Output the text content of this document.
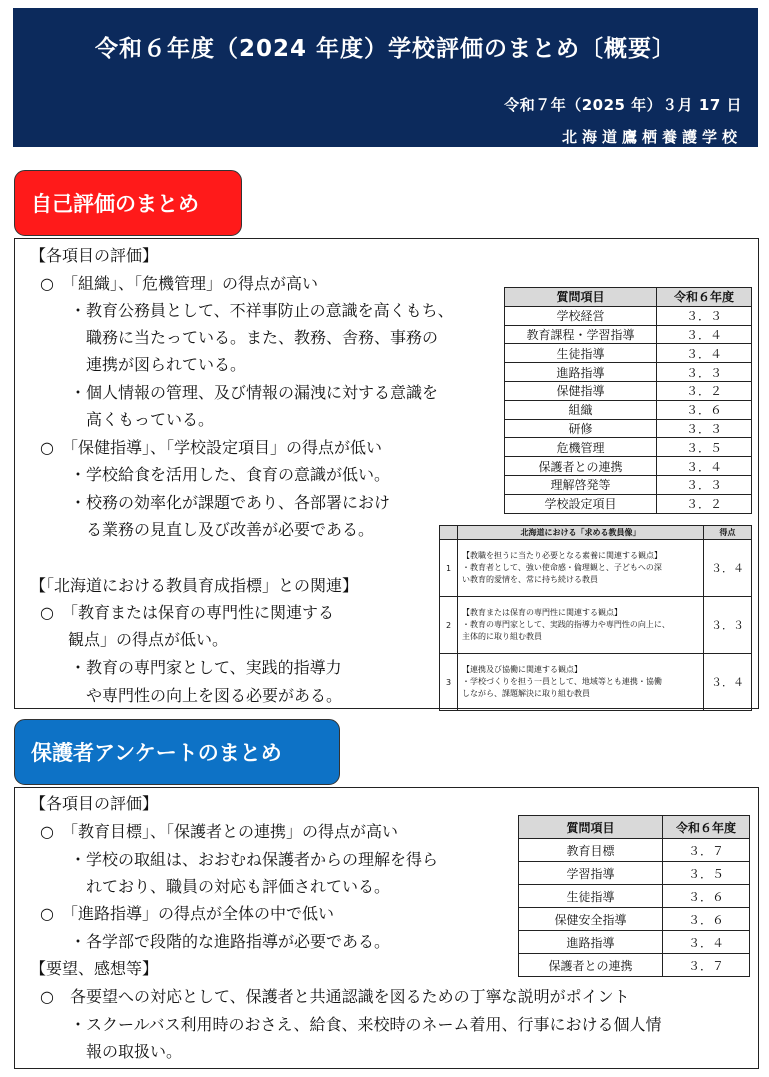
令和６年度（2024 年度）学校評価のまとめ〔概要〕
令和７年（2025 年）３月 17 日
北海道鷹栖養護学校
自己評価のまとめ
【各項目の評価】
○　「組織」、「危機管理」の得点が高い
・教育公務員として、不祥事防止の意識を高くもち、
職務に当たっている。また、教務、舎務、事務の
連携が図られている。
・個人情報の管理、及び情報の漏洩に対する意識を
高くもっている。
○　「保健指導」、「学校設定項目」の得点が低い
・学校給食を活用した、食育の意識が低い。
・校務の効率化が課題であり、各部署におけ
る業務の見直し及び改善が必要である。
【「北海道における教員育成指標」との関連】
○　「教育または保育の専門性に関連する
観点」の得点が低い。
・教育の専門家として、実践的指導力
や専門性の向上を図る必要がある。
質問項目	令和６年度
学校経営	３．３
教育課程・学習指導	３．４
生徒指導	３．４
進路指導	３．３
保健指導	３．２
組織	３．６
研修	３．３
危機管理	３．５
保護者との連携	３．４
理解啓発等	３．３
学校設定項目	３．２
	北海道における「求める教員像」	得点
1	【教職を担うに当たり必要となる素養に関連する観点】
・教育者として、強い使命感・倫理観と、子どもへの深
い教育的愛情を、常に持ち続ける教員	３．４
2	【教育または保育の専門性に関連する観点】
・教育の専門家として、実践的指導力や専門性の向上に、
主体的に取り組む教員	３．３
3	【連携及び協働に関連する観点】
・学校づくりを担う一員として、地域等とも連携・協働
しながら、課題解決に取り組む教員	３．４
保護者アンケートのまとめ
【各項目の評価】
○　「教育目標」、「保護者との連携」の得点が高い
・学校の取組は、おおむね保護者からの理解を得ら
れており、職員の対応も評価されている。
○　「進路指導」の得点が全体の中で低い
・各学部で段階的な進路指導が必要である。
【要望、感想等】
○　各要望への対応として、保護者と共通認識を図るための丁寧な説明がポイント
・スクールバス利用時のおさえ、給食、来校時のネーム着用、行事における個人情
報の取扱い。
質問項目	令和６年度
教育目標	３．７
学習指導	３．５
生徒指導	３．６
保健安全指導	３．６
進路指導	３．４
保護者との連携	３．７
